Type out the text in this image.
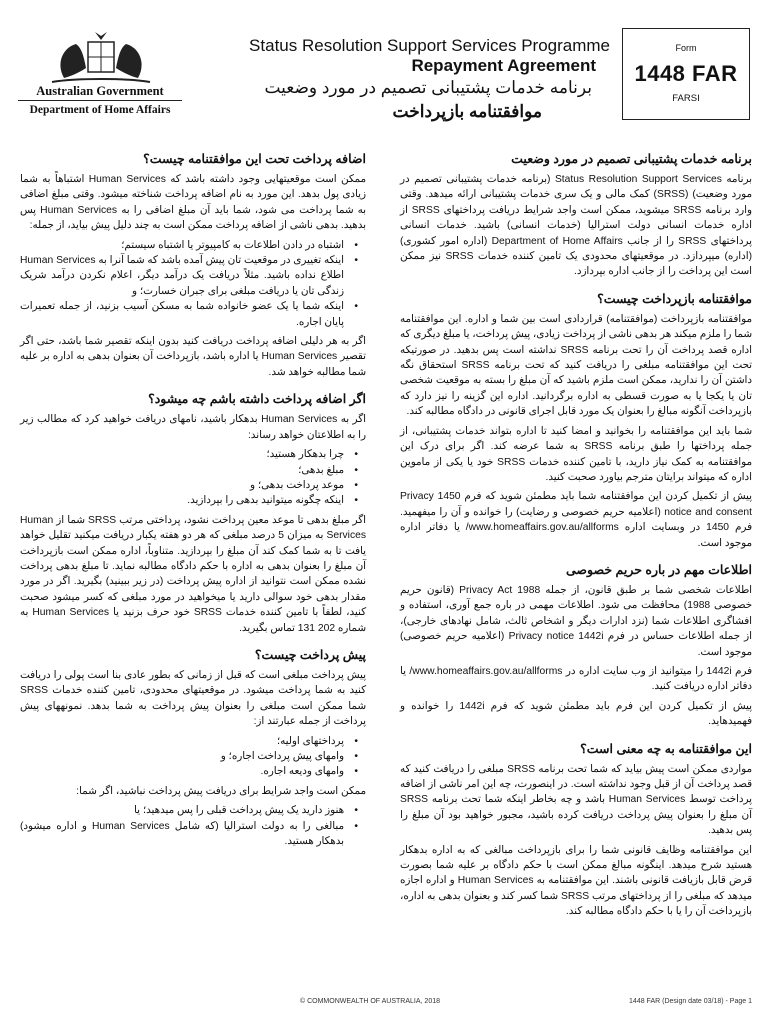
Australian Government
Department of Home Affairs
Status Resolution Support Services Programme
Repayment Agreement
برنامه خدمات پشتیبانی تصمیم در مورد وضعیت
موافقتنامه بازپرداخت
Form
1448 FAR
FARSI
برنامه خدمات پشتیبانی تصمیم در مورد وضعیت

برنامه Status Resolution Support Services (برنامه خدمات پشتیبانی تصمیم در مورد وضعیت) (SRSS) کمک مالی و یک سری خدمات پشتیبانی ارائه میدهد. وقتی وارد برنامه SRSS میشوید، ممکن است واجد شرایط دریافت پرداختهای SRSS از اداره خدمات انسانی دولت استرالیا (خدمات انسانی) باشید. خدمات انسانی پرداختهای SRSS را از جانب Department of Home Affairs (اداره امور کشوری) (اداره) میپردازد. در موقعیتهای محدودی یک تامین کننده خدمات SRSS نیز ممکن است این پرداخت را از جانب اداره بپردازد.

موافقتنامه بازپرداخت چیست؟

موافقتنامه بازپرداخت (موافقتنامه) قراردادی است بین شما و اداره. این موافقتنامه شما را ملزم میکند هر بدهی ناشی از پرداخت زیادی، پیش پرداخت، یا مبلغ دیگری که اداره قصد پرداخت آن را تحت برنامه SRSS نداشته است پس بدهید. در صورتیکه تحت این موافقتنامه مبلغی را دریافت کنید که تحت برنامه SRSS استحقاق نگه داشتن آن را ندارید، ممکن است ملزم باشید که آن مبلغ را بسته به موقعیت شخصی تان یا یکجا یا به صورت قسطی به اداره برگردانید. اداره این گزینه را نیز دارد که بازپرداخت آنگونه مبالغ را بعنوان یک مورد قابل اجرای قانونی در دادگاه مطالبه کند.

شما باید این موافقتنامه را بخوانید و امضا کنید تا اداره بتواند خدمات پشتیبانی، از جمله پرداختها را طبق برنامه SRSS به شما عرضه کند. اگر برای درک این موافقتنامه به کمک نیاز دارید، با تامین کننده خدمات SRSS خود یا یکی از ماموین اداره که میتواند برایتان مترجم بیاورد صحبت کنید.

پیش از تکمیل کردن این موافقتنامه شما باید مطمئن شوید که فرم 1450 Privacy notice and consent (اعلامیه حریم خصوصی و رضایت) را خوانده و آن را میفهمید. فرم 1450 در وبسایت اداره www.homeaffairs.gov.au/allforms/ یا دفاتر اداره موجود است.

اطلاعات مهم در باره حریم خصوصی

اطلاعات شخصی شما بر طبق قانون، از جمله Privacy Act 1988 (قانون حریم خصوصی 1988) محافظت می شود. اطلاعات مهمی در باره جمع آوری، استفاده و افشاگری اطلاعات شما (نزد ادارات دیگر و اشخاص ثالث، شامل نهادهای خارجی)، از جمله اطلاعات حساس در فرم Privacy notice 1442i (اعلامیه حریم خصوصی) موجود است.

فرم 1442i را میتوانید از وب سایت اداره در www.homeaffairs.gov.au/allforms/ یا دفاتر اداره دریافت کنید.

پیش از تکمیل کردن این فرم باید مطمئن شوید که فرم 1442i را خوانده و فهمیدهاید.

این موافقتنامه به چه معنی است؟

مواردی ممکن است پیش بیاید که شما تحت برنامه SRSS مبلغی را دریافت کنید که قصد پرداخت آن از قبل وجود نداشته است. در اینصورت، چه این امر ناشی از اضافه پرداخت توسط Human Services باشد و چه بخاطر اینکه شما تحت برنامه SRSS آن مبلغ را بعنوان پیش پرداخت دریافت کرده باشید، مجبور خواهید بود آن مبلغ را پس بدهید.

این موافقتنامه وظایف قانونی شما را برای بازپرداخت مبالغی که به اداره بدهکار هستید شرح میدهد. اینگونه مبالغ ممکن است با حکم دادگاه بر علیه شما بصورت قرض قابل بازیافت قانونی باشند. این موافقتنامه به Human Services و اداره اجازه میدهد که مبلغی را از پرداختهای مرتب SRSS شما کسر کند و بعنوان بدهی به اداره، بازپرداخت آن را یا با حکم دادگاه مطالبه کند.

اضافه پرداخت تحت این موافقتنامه چیست؟

ممکن است موقعیتهایی وجود داشته باشد که Human Services اشتباهاً به شما زیادی پول بدهد. این مورد به نام اضافه پرداخت شناخته میشود. وقتی مبلغ اضافی به شما پرداخت می شود، شما باید آن مبلغ اضافی را به Human Services پس بدهید. بدهی ناشی از اضافه پرداخت ممکن است به چند دلیل پیش بیاید، از جمله:

• اشتباه در دادن اطلاعات به کامپیوتر یا اشتباه سیستم؛
• اینکه تغییری در موقعیت تان پیش آمده باشد که شما آنرا به Human Services اطلاع نداده باشید. مثلاً دریافت یک درآمد دیگر، اعلام نکردن درآمد شریک زندگی تان یا دریافت مبلغی برای جبران خسارت؛ و
• اینکه شما یا یک عضو خانواده شما به مسکن آسیب بزنید، از جمله تعمیرات پایان اجاره.

اگر به هر دلیلی اضافه پرداخت دریافت کنید بدون اینکه تقصیر شما باشد، حتی اگر تقصیر Human Services یا اداره باشد، بازپرداخت آن بعنوان بدهی به اداره بر علیه شما مطالبه خواهد شد.

اگر اضافه پرداخت داشته باشم چه میشود؟

اگر به Human Services بدهکار باشید، نامهای دریافت خواهید کرد که مطالب زیر را به اطلاعتان خواهد رساند:

• چرا بدهکار هستید؛
• مبلغ بدهی؛
• موعد پرداخت بدهی؛ و
• اینکه چگونه میتوانید بدهی را بپردازید.

اگر مبلغ بدهی تا موعد معین پرداخت نشود، پرداختی مرتب SRSS شما از Human Services به میزان 5 درصد مبلغی که هر دو هفته یکبار دریافت میکنید تقلیل خواهد یافت تا به شما کمک کند آن مبلغ را بپردازید. متناوباً، اداره ممکن است بازپرداخت آن مبلغ را بعنوان بدهی به اداره با حکم دادگاه مطالبه نماید. تا مبلغ بدهی پرداخت نشده ممکن است نتوانید از اداره پیش پرداخت (در زیر ببینید) بگیرید. اگر در مورد مقدار بدهی خود سوالی دارید یا میخواهید در مورد مبلغی که کسر میشود صحبت کنید، لطفاً با تامین کننده خدمات SRSS خود حرف بزنید یا Human Services به شماره 202 131 تماس بگیرید.

پیش پرداخت چیست؟

پیش پرداخت مبلغی است که قبل از زمانی که بطور عادی بنا است پولی را دریافت کنید به شما پرداخت میشود. در موقعیتهای محدودی، تامین کننده خدمات SRSS شما ممکن است مبلغی را بعنوان پیش پرداخت به شما بدهد. نمونههای پیش پرداخت از جمله عبارتند از:

• پرداختهای اولیه؛
• وامهای پیش پرداخت اجاره؛ و
• وامهای ودیعه اجاره.

ممکن است واجد شرایط برای دریافت پیش پرداخت نباشید، اگر شما:

• هنوز دارید یک پیش پرداخت قبلی را پس میدهید؛ یا
• مبالغی را به دولت استرالیا (که شامل Human Services و اداره میشود) بدهکار هستید.
© COMMONWEALTH OF AUSTRALIA, 2018	1448 FAR (Design date 03/18) - Page 1
